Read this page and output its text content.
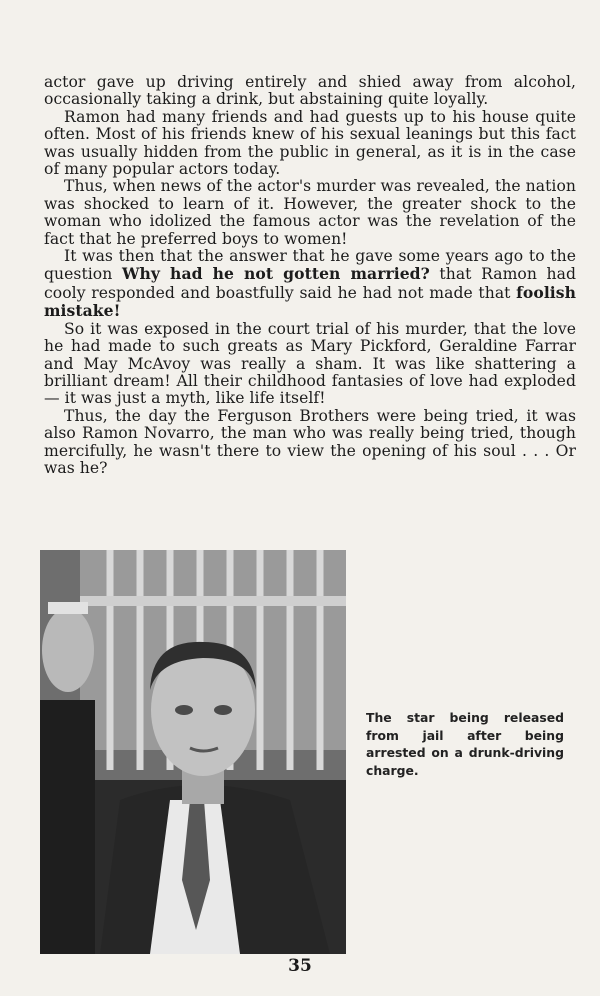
actor gave up driving entirely and shied away from alcohol, occasionally taking a drink, but abstaining quite loyally.

Ramon had many friends and had guests up to his house quite often. Most of his friends knew of his sexual leanings but this fact was usually hidden from the public in general, as it is in the case of many popular actors today.

Thus, when news of the actor's murder was revealed, the nation was shocked to learn of it. However, the greater shock to the woman who idolized the famous actor was the revelation of the fact that he preferred boys to women!

It was then that the answer that he gave some years ago to the question Why had he not gotten married? that Ramon had cooly responded and boastfully said he had not made that foolish mistake!

So it was exposed in the court trial of his murder, that the love he had made to such greats as Mary Pickford, Geraldine Farrar and May McAvoy was really a sham. It was like shattering a brilliant dream! All their childhood fantasies of love had exploded — it was just a myth, like life itself!

Thus, the day the Ferguson Brothers were being tried, it was also Ramon Novarro, the man who was really being tried, though mercifully, he wasn't there to view the opening of his soul . . . Or was he?

The star being released from jail after being arrested on a drunk-driving charge.
35
